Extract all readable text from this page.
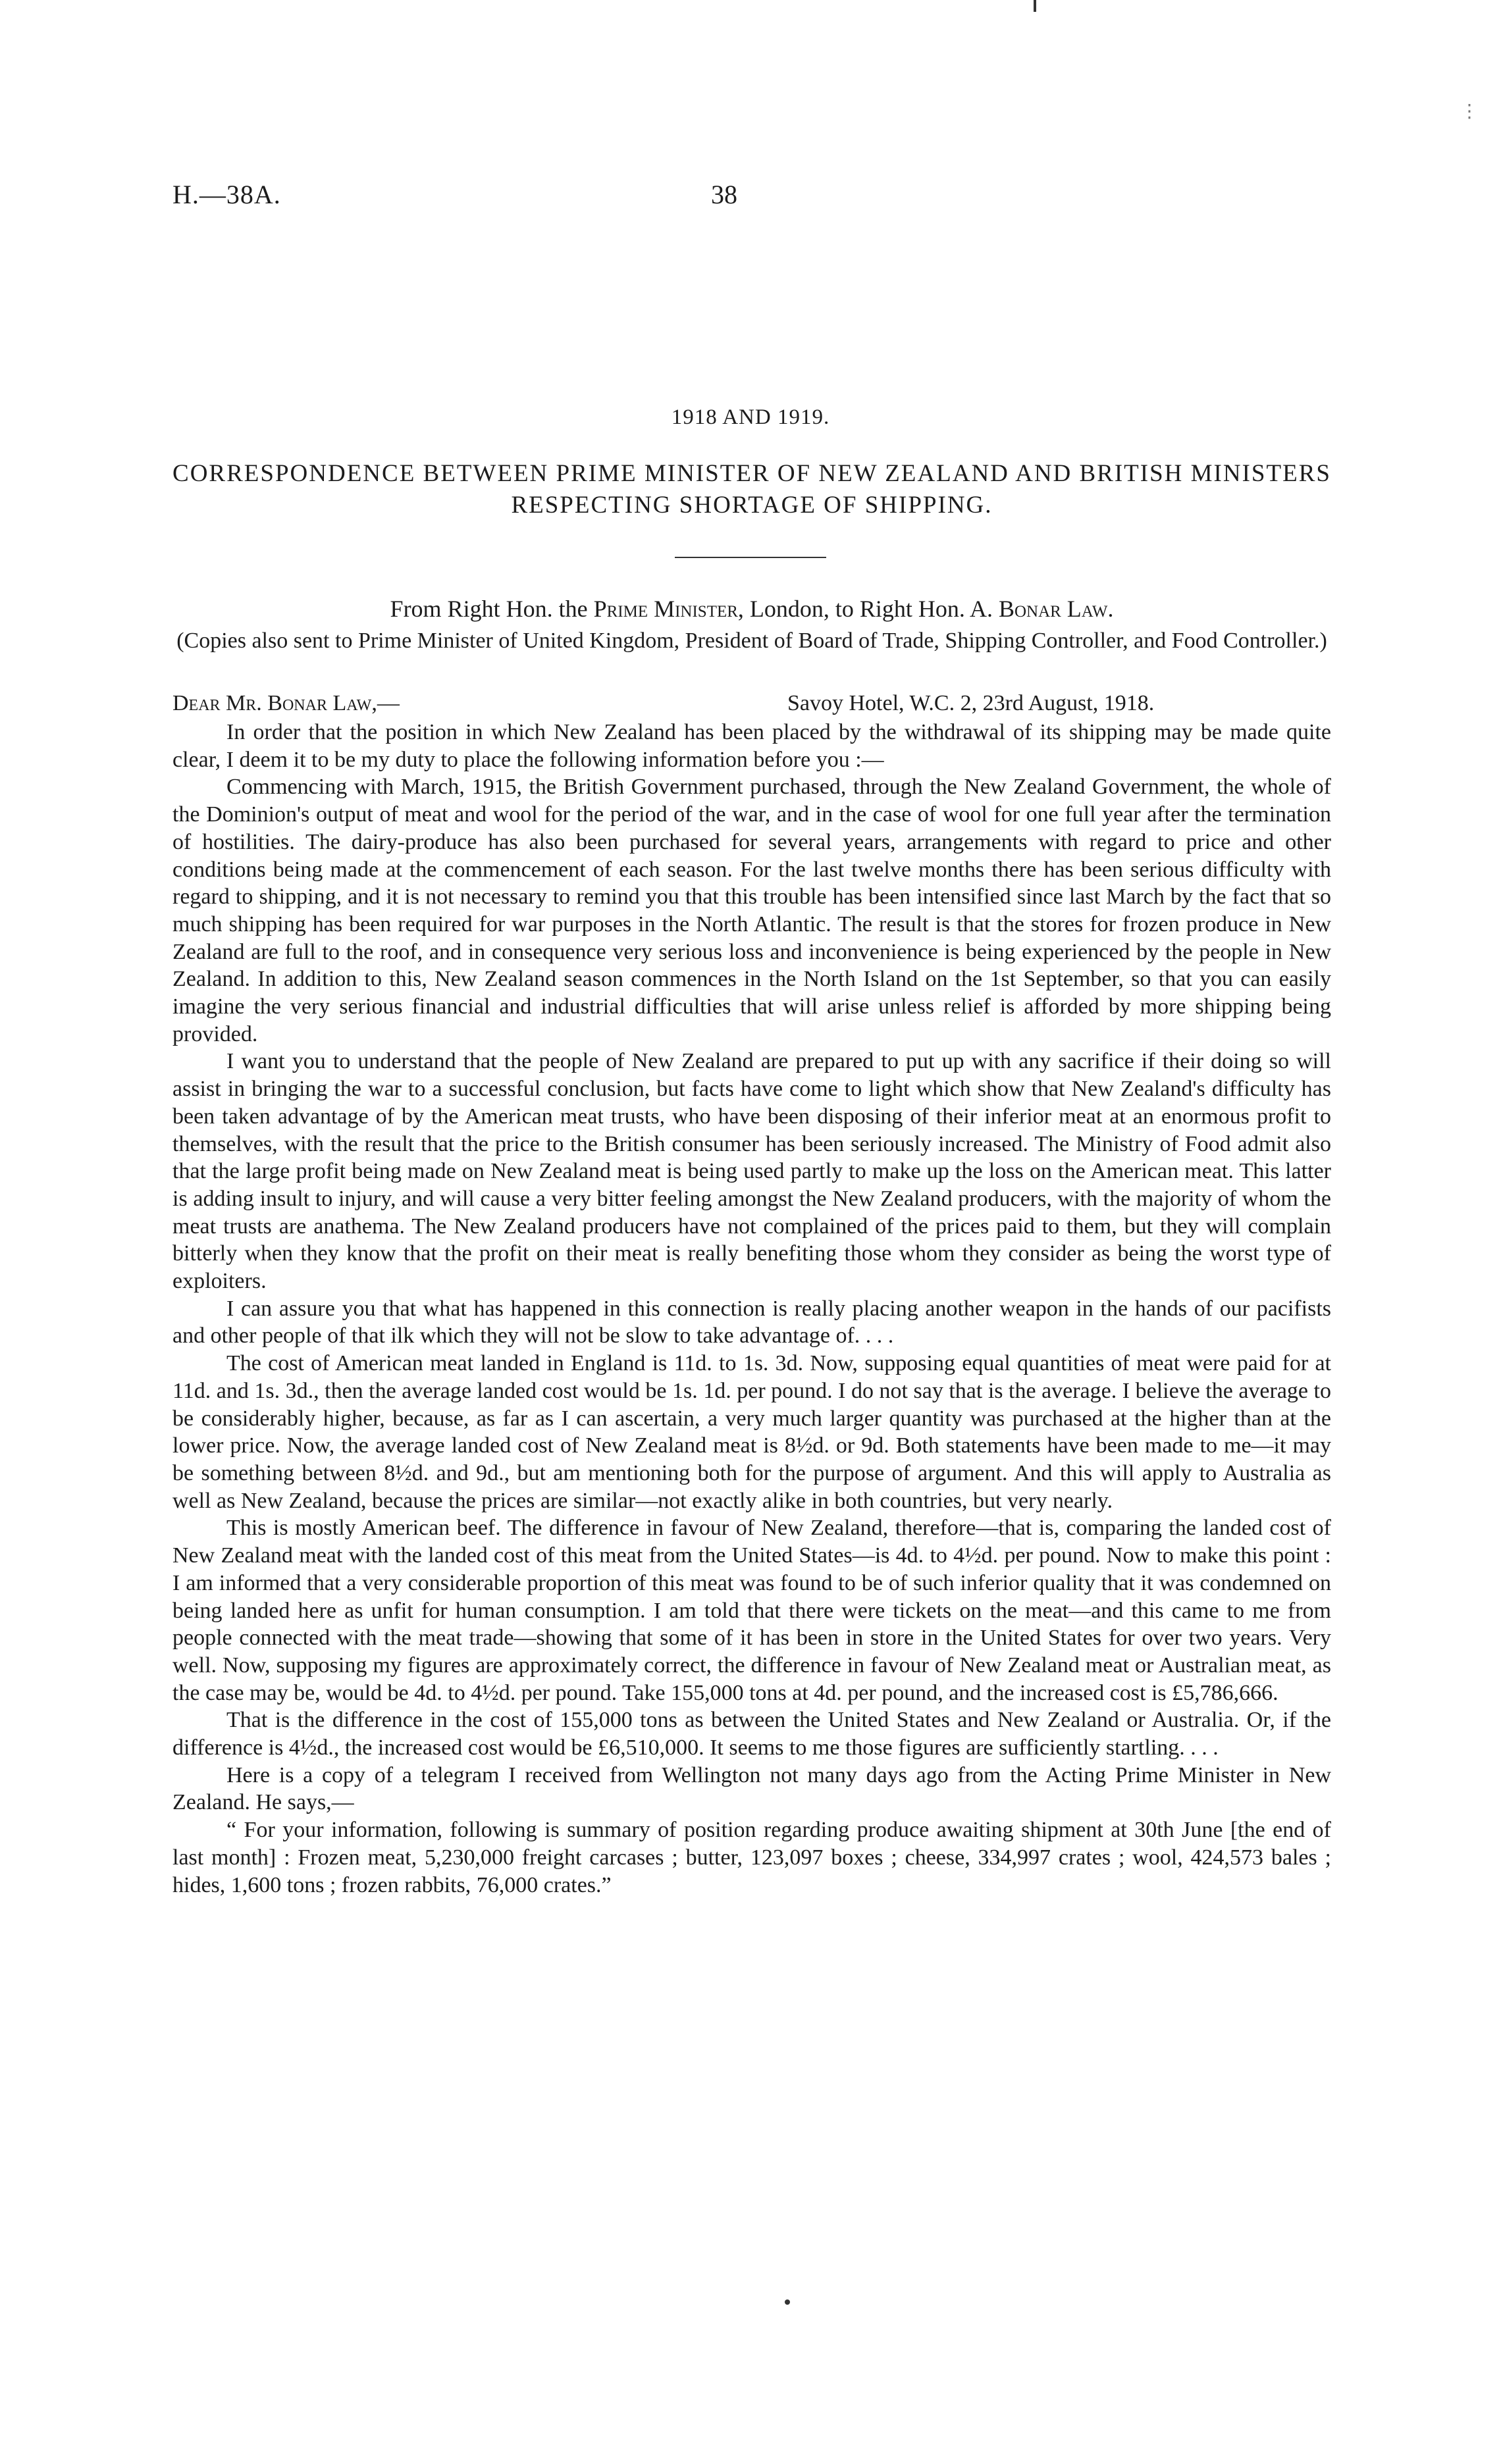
⋮
H.—38A.	38
1918 AND 1919.
CORRESPONDENCE BETWEEN PRIME MINISTER OF NEW ZEALAND AND BRITISH MINISTERS RESPECTING SHORTAGE OF SHIPPING.
From Right Hon. the Prime Minister, London, to Right Hon. A. Bonar Law.
(Copies also sent to Prime Minister of United Kingdom, President of Board of Trade, Shipping Controller, and Food Controller.)
Dear Mr. Bonar Law,—	Savoy Hotel, W.C. 2, 23rd August, 1918.

In order that the position in which New Zealand has been placed by the withdrawal of its shipping may be made quite clear, I deem it to be my duty to place the following information before you :—

Commencing with March, 1915, the British Government purchased, through the New Zealand Government, the whole of the Dominion's output of meat and wool for the period of the war, and in the case of wool for one full year after the termination of hostilities. The dairy-produce has also been purchased for several years, arrangements with regard to price and other conditions being made at the commencement of each season. For the last twelve months there has been serious difficulty with regard to shipping, and it is not necessary to remind you that this trouble has been intensified since last March by the fact that so much shipping has been required for war purposes in the North Atlantic. The result is that the stores for frozen produce in New Zealand are full to the roof, and in consequence very serious loss and inconvenience is being experienced by the people in New Zealand. In addition to this, New Zealand season commences in the North Island on the 1st September, so that you can easily imagine the very serious financial and industrial difficulties that will arise unless relief is afforded by more shipping being provided.

I want you to understand that the people of New Zealand are prepared to put up with any sacrifice if their doing so will assist in bringing the war to a successful conclusion, but facts have come to light which show that New Zealand's difficulty has been taken advantage of by the American meat trusts, who have been disposing of their inferior meat at an enormous profit to themselves, with the result that the price to the British consumer has been seriously increased. The Ministry of Food admit also that the large profit being made on New Zealand meat is being used partly to make up the loss on the American meat. This latter is adding insult to injury, and will cause a very bitter feeling amongst the New Zealand producers, with the majority of whom the meat trusts are anathema. The New Zealand producers have not complained of the prices paid to them, but they will complain bitterly when they know that the profit on their meat is really benefiting those whom they consider as being the worst type of exploiters.

I can assure you that what has happened in this connection is really placing another weapon in the hands of our pacifists and other people of that ilk which they will not be slow to take advantage of. . . .

The cost of American meat landed in England is 11d. to 1s. 3d. Now, supposing equal quantities of meat were paid for at 11d. and 1s. 3d., then the average landed cost would be 1s. 1d. per pound. I do not say that is the average. I believe the average to be considerably higher, because, as far as I can ascertain, a very much larger quantity was purchased at the higher than at the lower price. Now, the average landed cost of New Zealand meat is 8½d. or 9d. Both statements have been made to me—it may be something between 8½d. and 9d., but am mentioning both for the purpose of argument. And this will apply to Australia as well as New Zealand, because the prices are similar—not exactly alike in both countries, but very nearly.

This is mostly American beef. The difference in favour of New Zealand, therefore—that is, comparing the landed cost of New Zealand meat with the landed cost of this meat from the United States—is 4d. to 4½d. per pound. Now to make this point : I am informed that a very considerable proportion of this meat was found to be of such inferior quality that it was condemned on being landed here as unfit for human consumption. I am told that there were tickets on the meat—and this came to me from people connected with the meat trade—showing that some of it has been in store in the United States for over two years. Very well. Now, supposing my figures are approximately correct, the difference in favour of New Zealand meat or Australian meat, as the case may be, would be 4d. to 4½d. per pound. Take 155,000 tons at 4d. per pound, and the increased cost is £5,786,666.

That is the difference in the cost of 155,000 tons as between the United States and New Zealand or Australia. Or, if the difference is 4½d., the increased cost would be £6,510,000. It seems to me those figures are sufficiently startling. . . .

Here is a copy of a telegram I received from Wellington not many days ago from the Acting Prime Minister in New Zealand. He says,—

“ For your information, following is summary of position regarding produce awaiting shipment at 30th June [the end of last month] : Frozen meat, 5,230,000 freight carcases ; butter, 123,097 boxes ; cheese, 334,997 crates ; wool, 424,573 bales ; hides, 1,600 tons ; frozen rabbits, 76,000 crates.”
